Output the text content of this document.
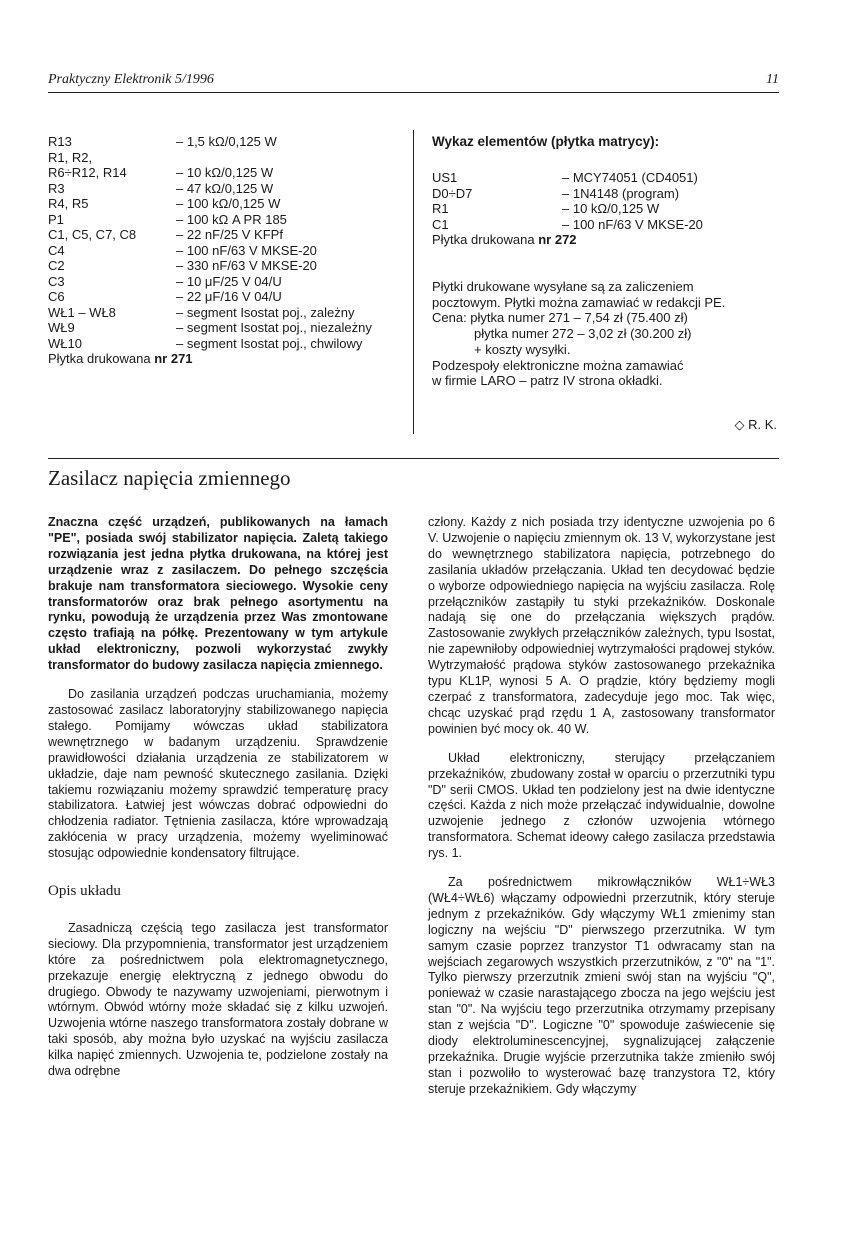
Praktyczny Elektronik 5/1996	11
R13	– 1,5 kΩ/0,125 W
R1, R2,
R6÷R12, R14	– 10 kΩ/0,125 W
R3	– 47 kΩ/0,125 W
R4, R5	– 100 kΩ/0,125 W
P1	– 100 kΩ A PR 185
C1, C5, C7, C8	– 22 nF/25 V KFPf
C4	– 100 nF/63 V MKSE-20
C2	– 330 nF/63 V MKSE-20
C3	– 10 μF/25 V 04/U
C6	– 22 μF/16 V 04/U
WŁ1 – WŁ8	– segment Isostat poj., zależny
WŁ9	– segment Isostat poj., niezależny
WŁ10	– segment Isostat poj., chwilowy
Płytka drukowana nr 271
Wykaz elementów (płytka matrycy):
US1	– MCY74051 (CD4051)
D0÷D7	– 1N4148 (program)
R1	– 10 kΩ/0,125 W
C1	– 100 nF/63 V MKSE-20
Płytka drukowana nr 272

Płytki drukowane wysyłane są za zaliczeniem

pocztowym. Płytki można zamawiać w redakcji PE.

Cena: płytka numer 271 – 7,54 zł (75.400 zł)

płytka numer 272 – 3,02 zł (30.200 zł)

+ koszty wysyłki.

Podzespoły elektroniczne można zamawiać

w firmie LARO – patrz IV strona okładki.

◇ R. K.
Zasilacz napięcia zmiennego

Znaczna część urządzeń, publikowanych na łamach "PE", posiada swój stabilizator napięcia. Zaletą takiego rozwiązania jest jedna płytka drukowana, na której jest urządzenie wraz z zasilaczem. Do pełnego szczęścia brakuje nam transformatora sieciowego. Wysokie ceny transformatorów oraz brak pełnego asortymentu na rynku, powodują że urządzenia przez Was zmontowane często trafiają na półkę. Prezentowany w tym artykule układ elektroniczny, pozwoli wykorzystać zwykły transformator do budowy zasilacza napięcia zmiennego.

Do zasilania urządzeń podczas uruchamiania, możemy zastosować zasilacz laboratoryjny stabilizowanego napięcia stałego. Pomijamy wówczas układ stabilizatora wewnętrznego w badanym urządzeniu. Sprawdzenie prawidłowości działania urządzenia ze stabilizatorem w układzie, daje nam pewność skutecznego zasilania. Dzięki takiemu rozwiązaniu możemy sprawdzić temperaturę pracy stabilizatora. Łatwiej jest wówczas dobrać odpowiedni do chłodzenia radiator. Tętnienia zasilacza, które wprowadzają zakłócenia w pracy urządzenia, możemy wyeliminować stosując odpowiednie kondensatory filtrujące.

Opis układu

Zasadniczą częścią tego zasilacza jest transformator sieciowy. Dla przypomnienia, transformator jest urządzeniem które za pośrednictwem pola elektromagnetycznego, przekazuje energię elektryczną z jednego obwodu do drugiego. Obwody te nazywamy uzwojeniami, pierwotnym i wtórnym. Obwód wtórny może składać się z kilku uzwojeń. Uzwojenia wtórne naszego transformatora zostały dobrane w taki sposób, aby można było uzyskać na wyjściu zasilacza kilka napięć zmiennych. Uzwojenia te, podzielone zostały na dwa odrębne

człony. Każdy z nich posiada trzy identyczne uzwojenia po 6 V. Uzwojenie o napięciu zmiennym ok. 13 V, wykorzystane jest do wewnętrznego stabilizatora napięcia, potrzebnego do zasilania układów przełączania. Układ ten decydować będzie o wyborze odpowiedniego napięcia na wyjściu zasilacza. Rolę przełączników zastąpiły tu styki przekaźników. Doskonale nadają się one do przełączania większych prądów. Zastosowanie zwykłych przełączników zależnych, typu Isostat, nie zapewniłoby odpowiedniej wytrzymałości prądowej styków. Wytrzymałość prądowa styków zastosowanego przekaźnika typu KL1P, wynosi 5 A. O prądzie, który będziemy mogli czerpać z transformatora, zadecyduje jego moc. Tak więc, chcąc uzyskać prąd rzędu 1 A, zastosowany transformator powinien być mocy ok. 40 W.

Układ elektroniczny, sterujący przełączaniem przekaźników, zbudowany został w oparciu o przerzutniki typu "D" serii CMOS. Układ ten podzielony jest na dwie identyczne części. Każda z nich może przełączać indywidualnie, dowolne uzwojenie jednego z członów uzwojenia wtórnego transformatora. Schemat ideowy całego zasilacza przedstawia rys. 1.

Za pośrednictwem mikrowłączników WŁ1÷WŁ3 (WŁ4÷WŁ6) włączamy odpowiedni przerzutnik, który steruje jednym z przekaźników. Gdy włączymy WŁ1 zmienimy stan logiczny na wejściu "D" pierwszego przerzutnika. W tym samym czasie poprzez tranzystor T1 odwracamy stan na wejściach zegarowych wszystkich przerzutników, z "0" na "1". Tylko pierwszy przerzutnik zmieni swój stan na wyjściu "Q", ponieważ w czasie narastającego zbocza na jego wejściu jest stan "0". Na wyjściu tego przerzutnika otrzymamy przepisany stan z wejścia "D". Logiczne "0" spowoduje zaświecenie się diody elektroluminescencyjnej, sygnalizującej załączenie przekaźnika. Drugie wyjście przerzutnika także zmieniło swój stan i pozwoliło to wysterować bazę tranzystora T2, który steruje przekaźnikiem. Gdy włączymy
